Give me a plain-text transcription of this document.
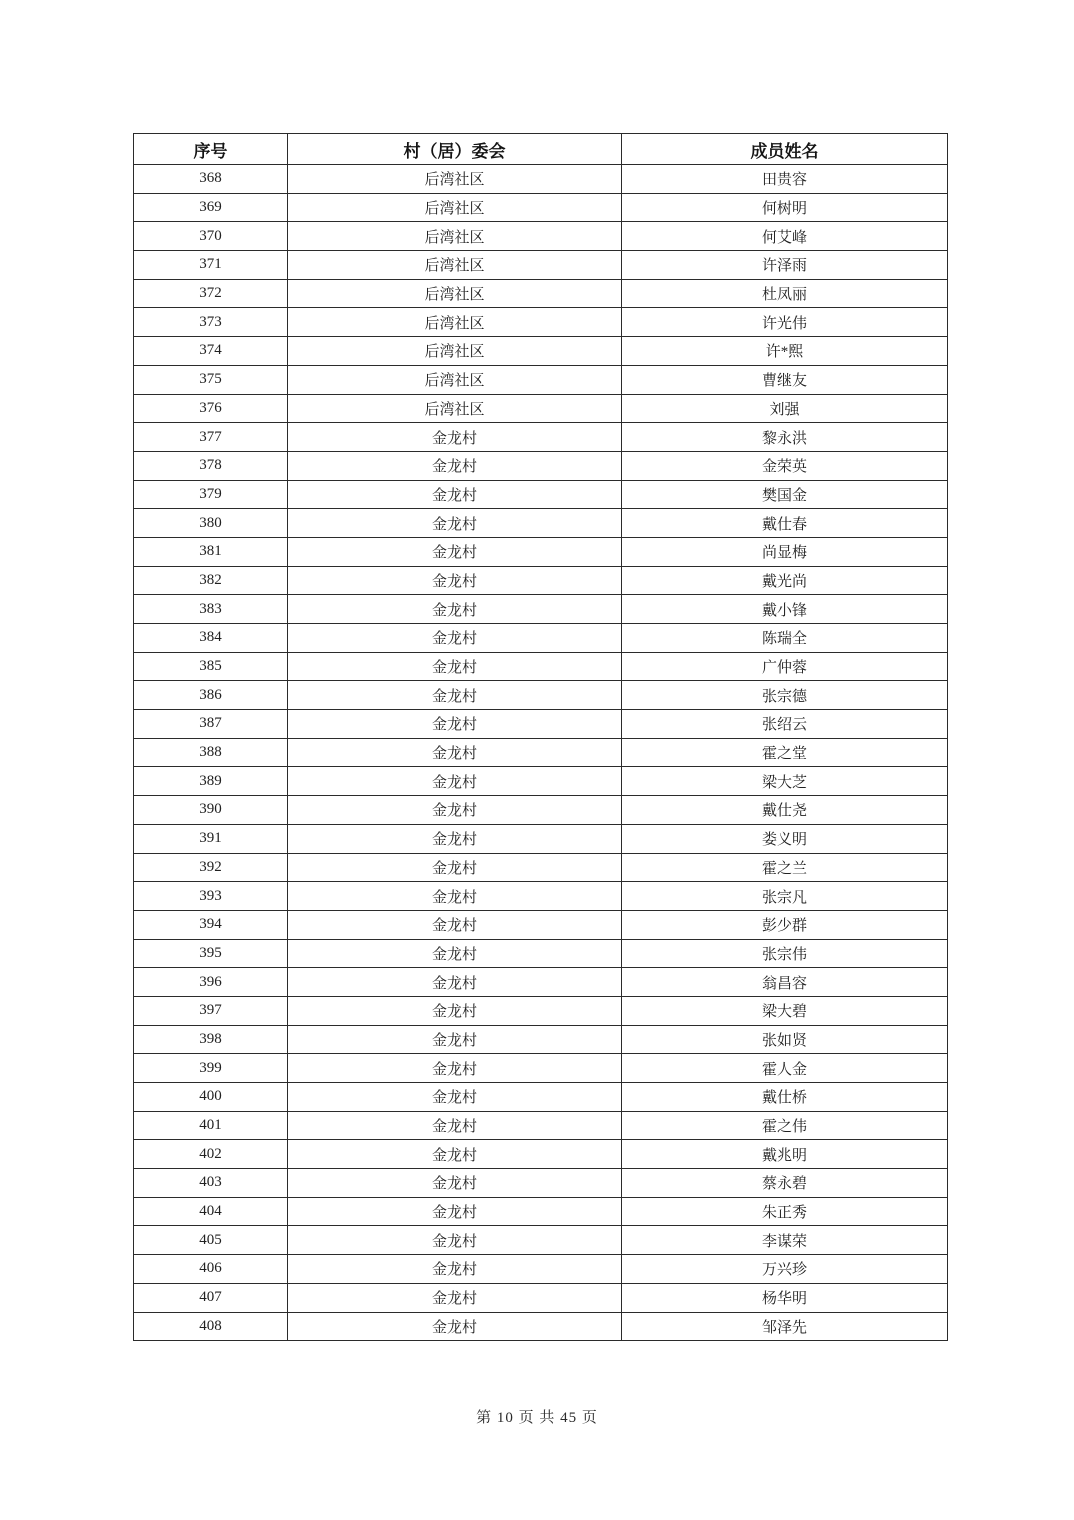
序号	村（居）委会	成员姓名
368	后湾社区	田贵容
369	后湾社区	何树明
370	后湾社区	何艾峰
371	后湾社区	许泽雨
372	后湾社区	杜凤丽
373	后湾社区	许光伟
374	后湾社区	许*熙
375	后湾社区	曹继友
376	后湾社区	刘强
377	金龙村	黎永洪
378	金龙村	金荣英
379	金龙村	樊国金
380	金龙村	戴仕春
381	金龙村	尚显梅
382	金龙村	戴光尚
383	金龙村	戴小锋
384	金龙村	陈瑞全
385	金龙村	广仲蓉
386	金龙村	张宗德
387	金龙村	张绍云
388	金龙村	霍之堂
389	金龙村	梁大芝
390	金龙村	戴仕尧
391	金龙村	娄义明
392	金龙村	霍之兰
393	金龙村	张宗凡
394	金龙村	彭少群
395	金龙村	张宗伟
396	金龙村	翁昌容
397	金龙村	梁大碧
398	金龙村	张如贤
399	金龙村	霍人金
400	金龙村	戴仕桥
401	金龙村	霍之伟
402	金龙村	戴兆明
403	金龙村	蔡永碧
404	金龙村	朱正秀
405	金龙村	李谋荣
406	金龙村	万兴珍
407	金龙村	杨华明
408	金龙村	邹泽先
第 10 页 共 45 页
